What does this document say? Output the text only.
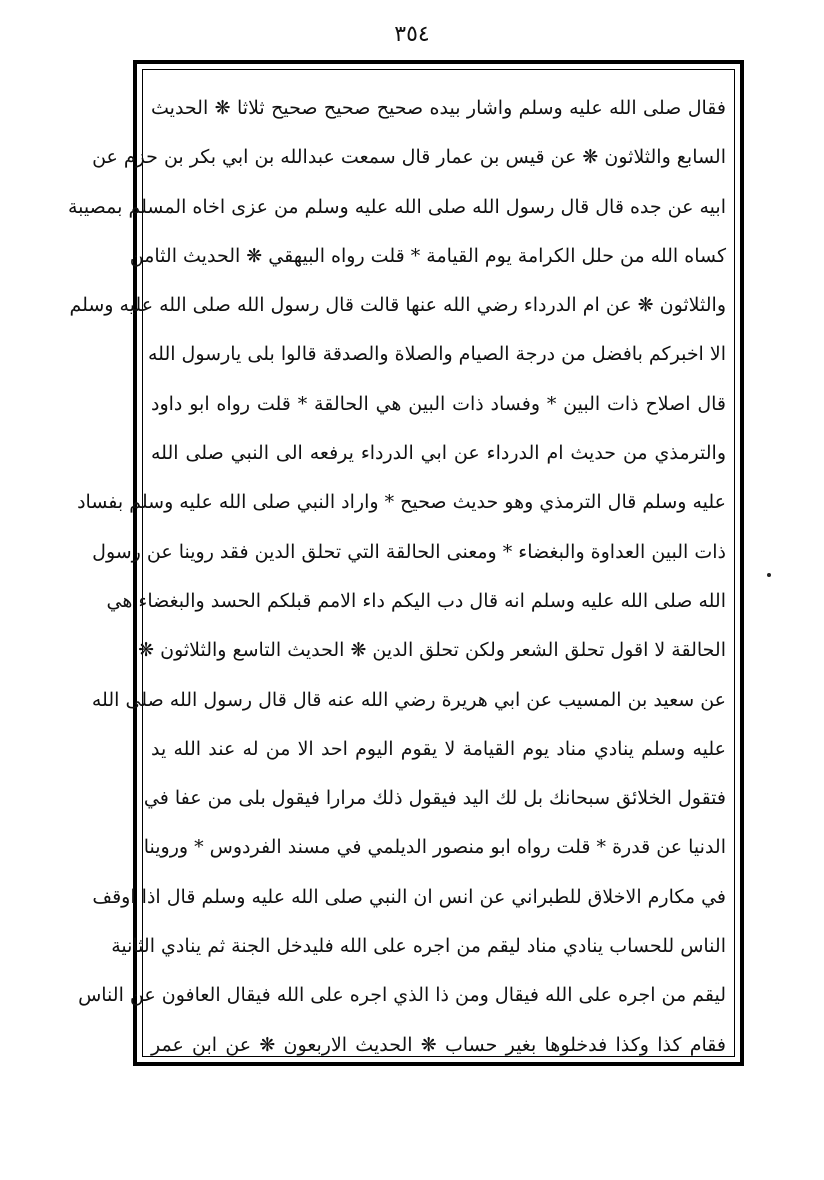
٣٥٤
فقال صلى الله عليه وسلم واشار بيده صحيح صحيح صحيح ثلاثا ❋ الحديث
السابع والثلاثون ❋ عن قيس بن عمار قال سمعت عبدالله بن ابي بكر بن حزم عن
ابيه عن جده قال قال رسول الله صلى الله عليه وسلم من عزى اخاه المسلم بمصيبة
كساه الله من حلل الكرامة يوم القيامة * قلت رواه البيهقي ❋ الحديث الثامن
والثلاثون ❋ عن ام الدرداء رضي الله عنها قالت قال رسول الله صلى الله عليه وسلم
الا اخبركم بافضل من درجة الصيام والصلاة والصدقة قالوا بلى يارسول الله
قال اصلاح ذات البين * وفساد ذات البين هي الحالقة * قلت رواه ابو داود
والترمذي من حديث ام الدرداء عن ابي الدرداء يرفعه الى النبي صلى الله
عليه وسلم قال الترمذي وهو حديث صحيح * واراد النبي صلى الله عليه وسلم بفساد
ذات البين العداوة والبغضاء * ومعنى الحالقة التي تحلق الدين فقد روينا عن رسول
الله صلى الله عليه وسلم انه قال دب اليكم داء الامم قبلكم الحسد والبغضاء هي
الحالقة لا اقول تحلق الشعر ولكن تحلق الدين ❋ الحديث التاسع والثلاثون ❋
عن سعيد بن المسيب عن ابي هريرة رضي الله عنه قال قال رسول الله صلى الله
عليه وسلم ينادي مناد يوم القيامة لا يقوم اليوم احد الا من له عند الله يد
فتقول الخلائق سبحانك بل لك اليد فيقول ذلك مرارا فيقول بلى من عفا في
الدنيا عن قدرة * قلت رواه ابو منصور الديلمي في مسند الفردوس * وروينا
في مكارم الاخلاق للطبراني عن انس ان النبي صلى الله عليه وسلم قال اذا اوقف
الناس للحساب ينادي مناد ليقم من اجره على الله فليدخل الجنة ثم ينادي الثانية
ليقم من اجره على الله فيقال ومن ذا الذي اجره على الله فيقال العافون عن الناس
فقام كذا وكذا فدخلوها بغير حساب ❋ الحديث الاربعون ❋ عن ابن عمر
